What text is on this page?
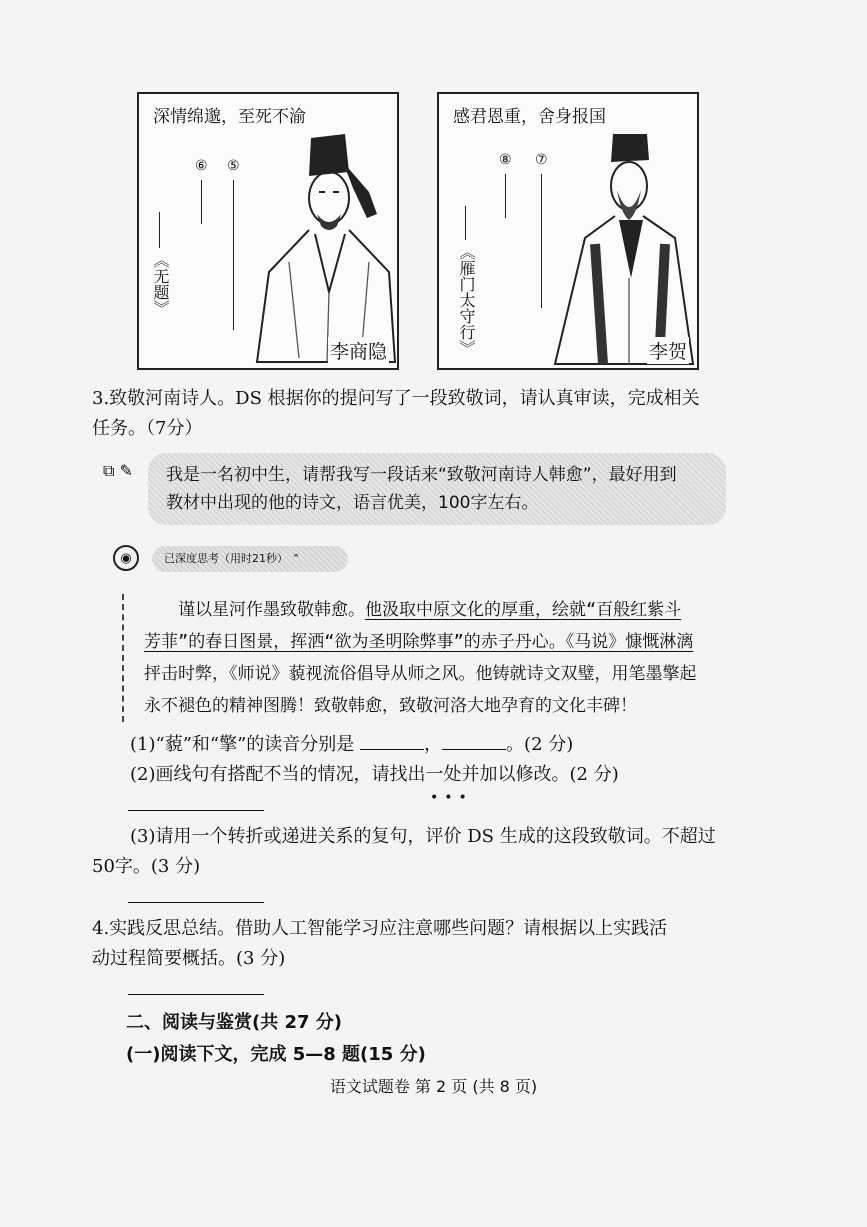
深情绵邈，至死不渝
⑥ ⑤
《无题》
李商隐
感君恩重，舍身报国
⑧ ⑦
《雁门太守行》	李贺
3.致敬河南诗人。DS 根据你的提问写了一段致敬词，请认真审读，完成相关
任务。（7分）
⧉ ✎ 我是一名初中生，请帮我写一段话来“致敬河南诗人韩愈”，最好用到
教材中出现的他的诗文，语言优美，100字左右。
◉	已深度思考（用时21秒） ⌃
谨以星河作墨致敬韩愈。他汲取中原文化的厚重，绘就“百般红紫斗
芳菲”的春日图景，挥洒“欲为圣明除弊事”的赤子丹心。《马说》慷慨淋漓
抨击时弊，《师说》藐视流俗倡导从师之风。他铸就诗文双璧，用笔墨擎起
永不褪色的精神图腾！致敬韩愈，致敬河洛大地孕育的文化丰碑！
(1)“藐”和“擎”的读音分别是	，	。(2 分)
(2)画线句有搭配不当的情况，请找出一处并加以修改。(2 分)
•••
(3)请用一个转折或递进关系的复句，评价 DS 生成的这段致敬词。不超过
50字。(3 分)
4.实践反思总结。借助人工智能学习应注意哪些问题？请根据以上实践活
动过程简要概括。(3 分)
二、阅读与鉴赏(共 27 分)
(一)阅读下文，完成 5—8 题(15 分)
语文试题卷 第 2 页 (共 8 页)
